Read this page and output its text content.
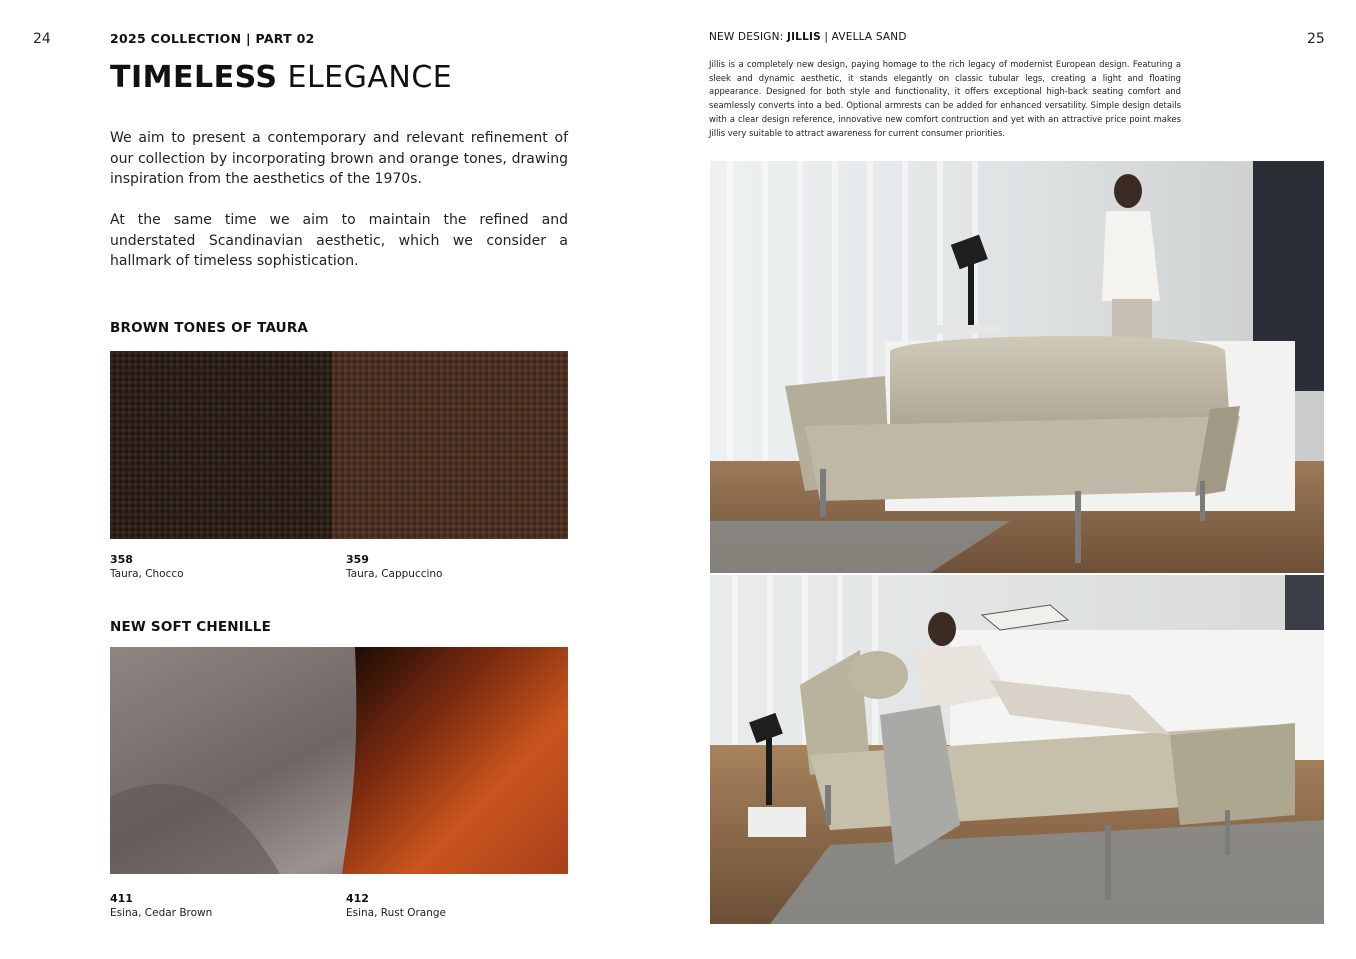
24	2025 COLLECTION | PART 02
TIMELESS ELEGANCE
We aim to present a contemporary and relevant refinement of our collection by incorporating brown and orange tones, drawing inspiration from the aesthetics of the 1970s.
At the same time we aim to maintain the refined and understated Scandinavian aesthetic, which we consider a hallmark of timeless sophistication.
BROWN TONES OF TAURA
358
Taura, Chocco
359
Taura, Cappuccino
NEW SOFT CHENILLE
411
Esina, Cedar Brown
412
Esina, Rust Orange
NEW DESIGN: JILLIS | AVELLA SAND	25
Jillis is a completely new design, paying homage to the rich legacy of modernist European design. Featuring a sleek and dynamic aesthetic, it stands elegantly on classic tubular legs, creating a light and floating appearance. Designed for both style and functionality, it offers exceptional high-back seating comfort and seamlessly converts into a bed. Optional armrests can be added for enhanced versatility. Simple design details with a clear design reference, innovative new comfort contruction and yet with an attractive price point makes Jillis very suitable to attract awareness for current consumer priorities.
